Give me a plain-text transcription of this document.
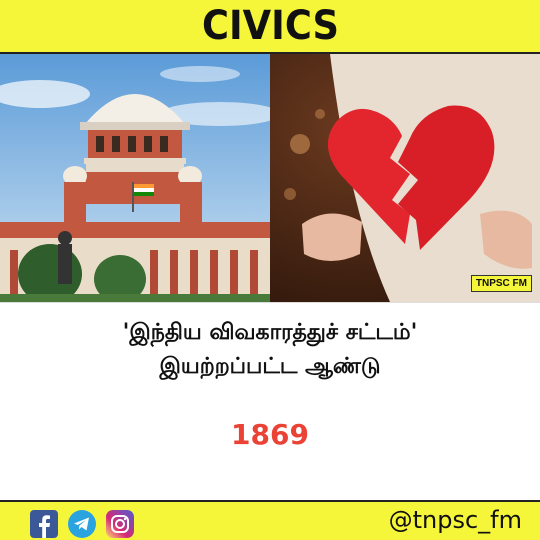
CIVICS
TNPSC FM
'இந்திய விவகாரத்துச் சட்டம்'
இயற்றப்பட்ட ஆண்டு
1869
@tnpsc_fm
